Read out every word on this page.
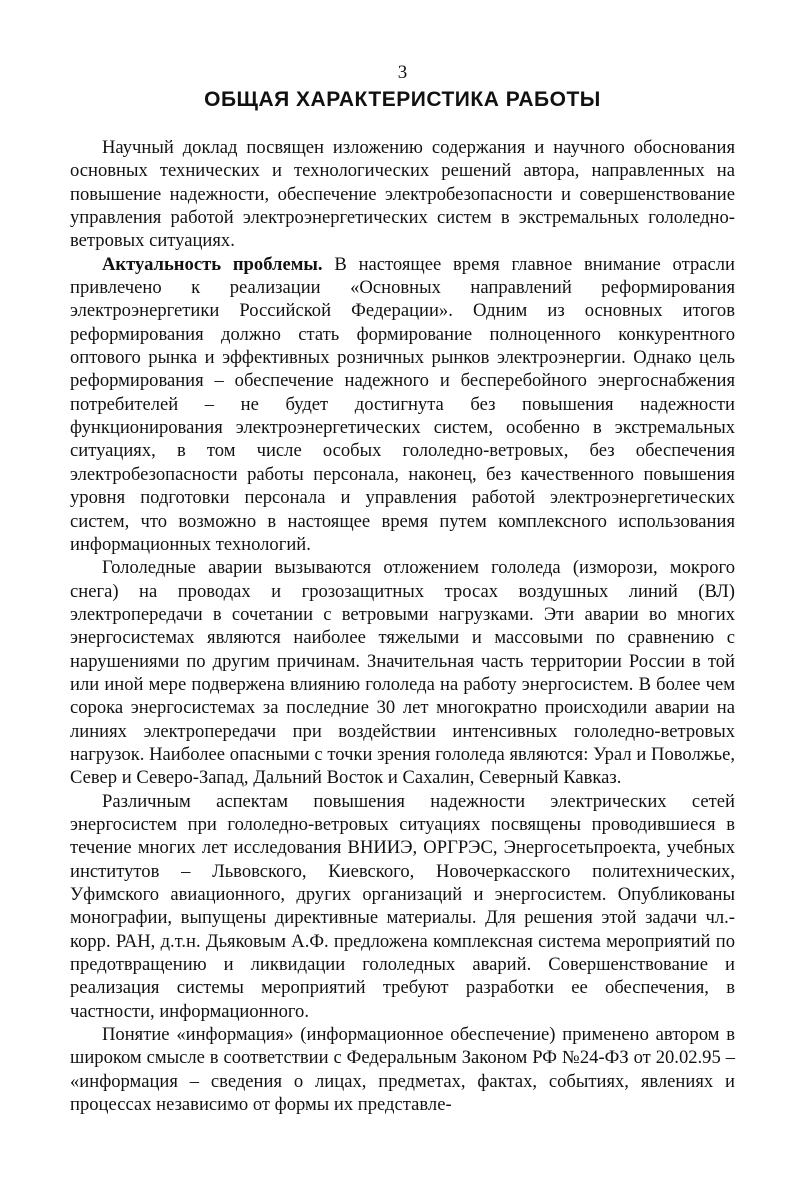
3
ОБЩАЯ ХАРАКТЕРИСТИКА РАБОТЫ

Научный доклад посвящен изложению содержания и научного обоснования основных технических и технологических решений автора, направленных на повышение надежности, обеспечение электробезопасности и совершенствование управления работой электроэнергетических систем в экстремальных гололедно-ветровых ситуациях.

Актуальность проблемы. В настоящее время главное внимание отрасли привлечено к реализации «Основных направлений реформирования электроэнергетики Российской Федерации». Одним из основных итогов реформирования должно стать формирование полноценного конкурентного оптового рынка и эффективных розничных рынков электроэнергии. Однако цель реформирования – обеспечение надежного и бесперебойного энергоснабжения потребителей – не будет достигнута без повышения надежности функционирования электроэнергетических систем, особенно в экстремальных ситуациях, в том числе особых гололедно-ветровых, без обеспечения электробезопасности работы персонала, наконец, без качественного повышения уровня подготовки персонала и управления работой электроэнергетических систем, что возможно в настоящее время путем комплексного использования информационных технологий.

Гололедные аварии вызываются отложением гололеда (изморози, мокрого снега) на проводах и грозозащитных тросах воздушных линий (ВЛ) электропередачи в сочетании с ветровыми нагрузками. Эти аварии во многих энергосистемах являются наиболее тяжелыми и массовыми по сравнению с нарушениями по другим причинам. Значительная часть территории России в той или иной мере подвержена влиянию гололеда на работу энергосистем. В более чем сорока энергосистемах за последние 30 лет многократно происходили аварии на линиях электропередачи при воздействии интенсивных гололедно-ветровых нагрузок. Наиболее опасными с точки зрения гололеда являются: Урал и Поволжье, Север и Северо-Запад, Дальний Восток и Сахалин, Северный Кавказ.

Различным аспектам повышения надежности электрических сетей энергосистем при гололедно-ветровых ситуациях посвящены проводившиеся в течение многих лет исследования ВНИИЭ, ОРГРЭС, Энергосетьпроекта, учебных институтов – Львовского, Киевского, Новочеркасского политехнических, Уфимского авиационного, других организаций и энергосистем. Опубликованы монографии, выпущены директивные материалы. Для решения этой задачи чл.-корр. РАН, д.т.н. Дьяковым А.Ф. предложена комплексная система мероприятий по предотвращению и ликвидации гололедных аварий. Совершенствование и реализация системы мероприятий требуют разработки ее обеспечения, в частности, информационного.

Понятие «информация» (информационное обеспечение) применено автором в широком смысле в соответствии с Федеральным Законом РФ №24-ФЗ от 20.02.95 – «информация – сведения о лицах, предметах, фактах, событиях, явлениях и процессах независимо от формы их представле-
